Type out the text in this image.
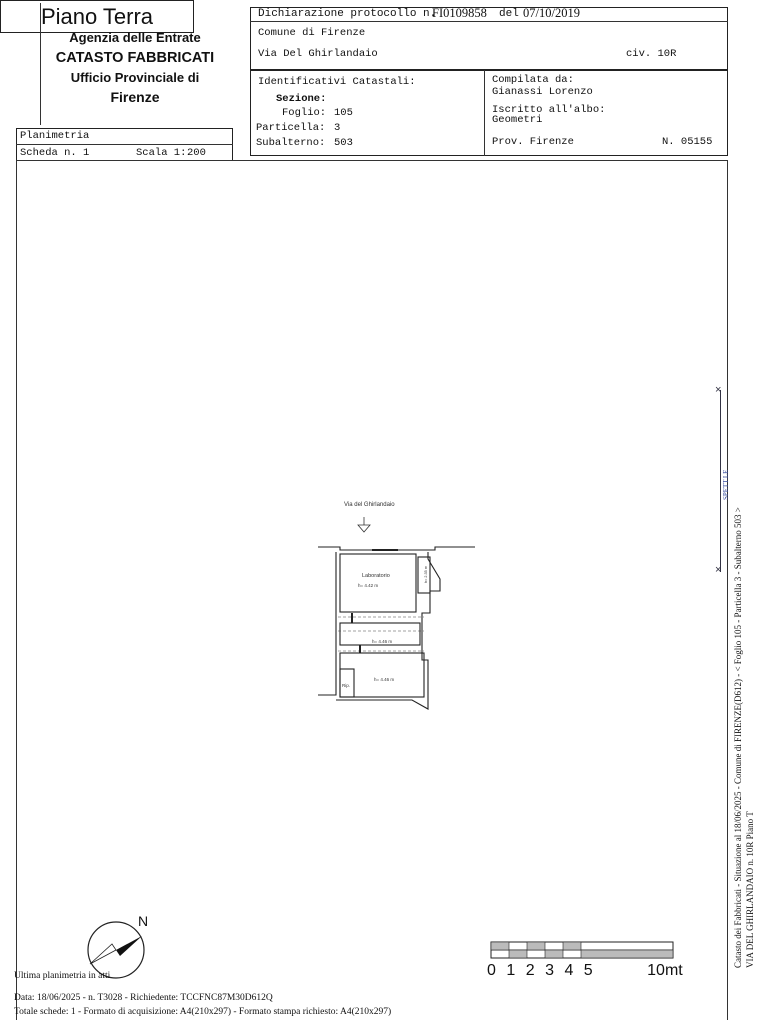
Agenzia delle Entrate
CATASTO FABBRICATI
Ufficio Provinciale di
Firenze
Dichiarazione protocollo n.
FI0109858 del 07/10/2019
Comune di Firenze
Via Del Ghirlandaio	civ. 10R
Identificativi Catastali:
Sezione:
Foglio: 105
Particella: 3
Subalterno: 503
Compilata da:
Gianassi Lorenzo
Iscritto all'albo:
Geometri
Prov. Firenze	N. 05155
Planimetria
Scheda n. 1	Scala 1: 200
Piano Terra
Via del Ghirlandaio
Laboratorio
h= 4.42 m
h= 4.46 m
h= 4.46 m
Rip.
h= 2.35 m
N
0 1 2 3 4 5	10mt
×
×
SPETT.LE
Catasto dei Fabbricati - Situazione al 18/06/2025 - Comune di FIRENZE(D612) - < Foglio 105 - Particella 3 - Subalterno 503 > VIA DEL GHIRLANDAIO n. 10R Piano T
Ultima planimetria in atti
Data: 18/06/2025 - n. T3028 - Richiedente: TCCFNC87M30D612Q
Totale schede: 1 - Formato di acquisizione: A4(210x297) - Formato stampa richiesto: A4(210x297)
